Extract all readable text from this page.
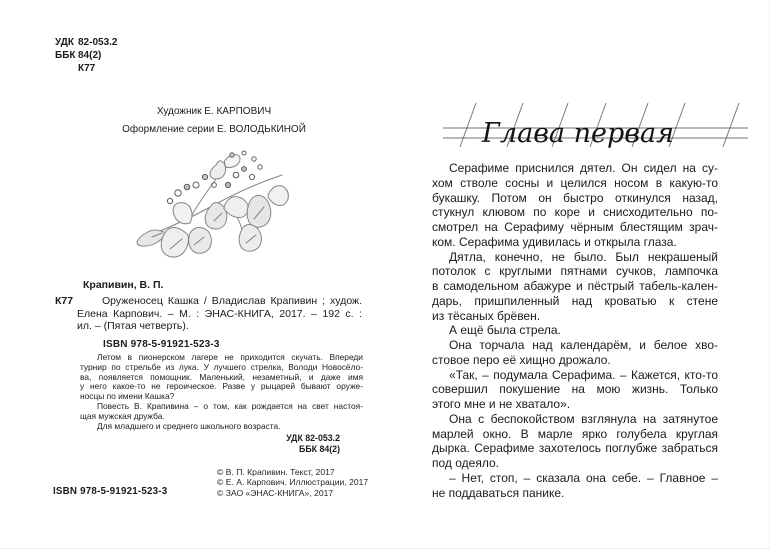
УДК 82-053.2
ББК 84(2)
К77
Художник Е. КАРПОВИЧ
Оформление серии Е. ВОЛОДЬКИНОЙ
Крапивин, В. П.
К77	Оруженосец Кашка / Владислав Крапивин ; худож.
Елена Карпович. – М. : ЭНАС-КНИГА, 2017. – 192 с. :
ил. – (Пятая четверть).
ISBN 978-5-91921-523-3
Летом в пионерском лагере не приходится скучать. Впереди
турнир по стрельбе из лука. У лучшего стрелка, Володи Новосёло-
ва, появляется помощник. Маленький, незаметный, и даже имя
у него какое-то не героическое. Разве у рыцарей бывают оруже-
носцы по имени Кашка?
Повесть В. Крапивина – о том, как рождается на свет настоя-
щая мужская дружба.
Для младшего и среднего школьного возраста.
УДК 82-053.2
ББК 84(2)
© В. П. Крапивин. Текст, 2017
© Е. А. Карпович. Иллюстрации, 2017
© ЗАО «ЭНАС-КНИГА», 2017
ISBN 978-5-91921-523-3
Глава первая
Серафиме приснился дятел. Он сидел на су-
хом стволе сосны и целился носом в какую-то
букашку. Потом он быстро откинулся назад,
стукнул клювом по коре и снисходительно по-
смотрел на Серафиму чёрным блестящим зрач-
ком. Серафима удивилась и открыла глаза.
Дятла, конечно, не было. Был некрашеный
потолок с круглыми пятнами сучков, лампочка
в самодельном абажуре и пёстрый табель-кален-
дарь, пришпиленный над кроватью к стене
из тёсаных брёвен.
А ещё была стрела.
Она торчала над календарём, и белое хво-
стовое перо её хищно дрожало.
«Так, – подумала Серафима. – Кажется, кто-то
совершил покушение на мою жизнь. Только
этого мне и не хватало».
Она с беспокойством взглянула на затянутое
марлей окно. В марле ярко голубела круглая
дырка. Серафиме захотелось поглубже забраться
под одеяло.
– Нет, стоп, – сказала она себе. – Главное –
не поддаваться панике.
